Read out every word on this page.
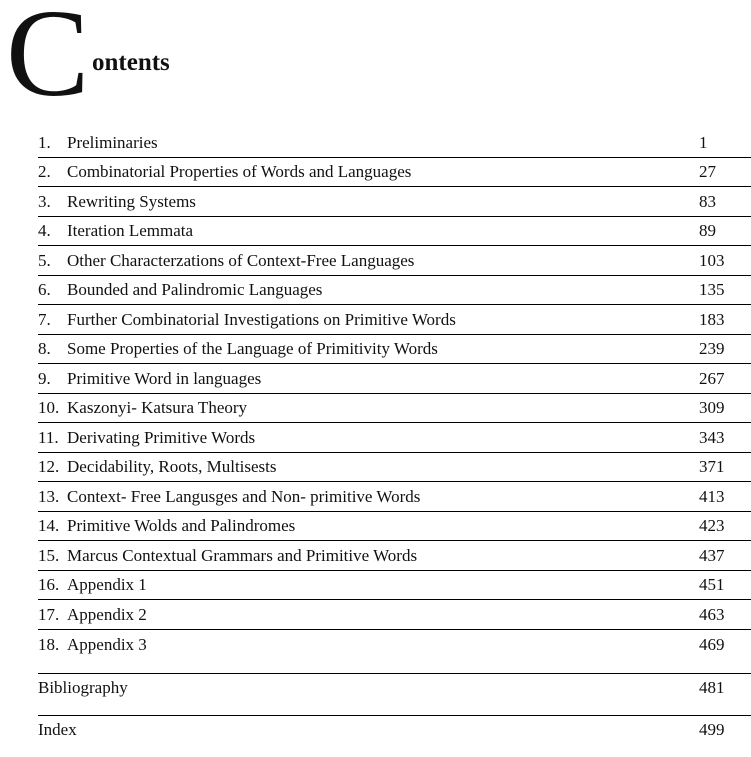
C ontents
1. Preliminaries	1
2. Combinatorial Properties of Words and Languages	27
3. Rewriting Systems	83
4. Iteration Lemmata	89
5. Other Characterzations of Context-Free Languages	103
6. Bounded and Palindromic Languages	135
7. Further Combinatorial Investigations on Primitive Words	183
8. Some Properties of the Language of Primitivity Words	239
9. Primitive Word in languages	267
10. Kaszonyi- Katsura Theory	309
11. Derivating Primitive Words	343
12. Decidability, Roots, Multisests	371
13. Context- Free Langusges and Non- primitive Words	413
14. Primitive Wolds and Palindromes	423
15. Marcus Contextual Grammars and Primitive Words	437
16. Appendix 1	451
17. Appendix 2	463
18. Appendix 3	469
Bibliography	481
Index	499
